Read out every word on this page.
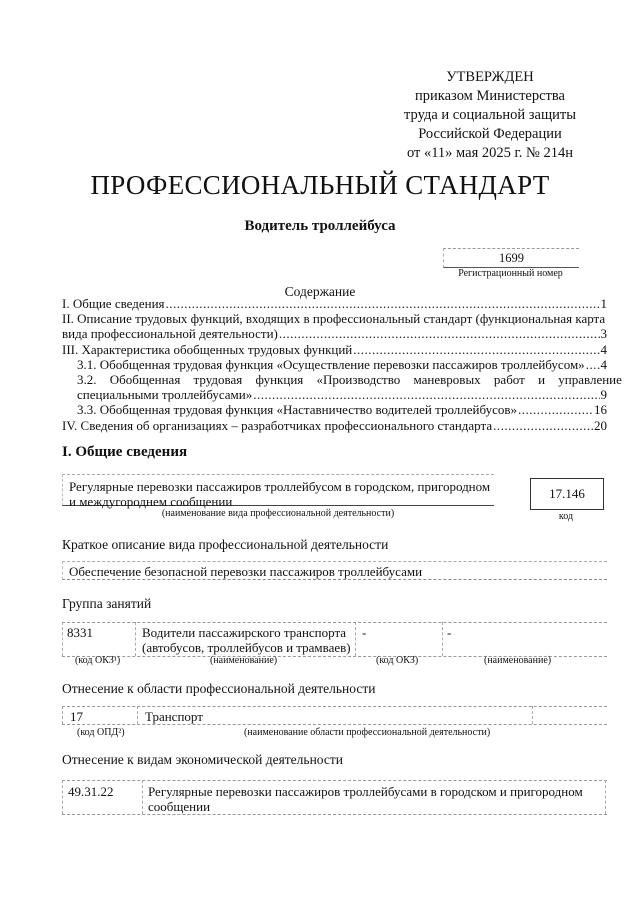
УТВЕРЖДЕН
приказом Министерства
труда и социальной защиты
Российской Федерации
от «11» мая 2025 г. № 214н
ПРОФЕССИОНАЛЬНЫЙ СТАНДАРТ
Водитель троллейбуса
1699
Регистрационный номер
Содержание
I. Общие сведения .....	1
II. Описание трудовых функций, входящих в профессиональный стандарт (функциональная карта
вида профессиональной деятельности) .....	3
III. Характеристика обобщенных трудовых функций .....	4
3.1. Обобщенная трудовая функция «Осуществление перевозки пассажиров троллейбусом» ..... 4
3.2. Обобщенная трудовая функция «Производство маневровых работ и управление
специальными троллейбусами» .....	9
3.3. Обобщенная трудовая функция «Наставничество водителей троллейбусов» .....	16
IV. Сведения об организациях – разработчиках профессионального стандарта .....	20
I. Общие сведения
Регулярные перевозки пассажиров троллейбусом в городском, пригородном
и междугороднем сообщении
(наименование вида профессиональной деятельности)
17.146
код
Краткое описание вида профессиональной деятельности
Обеспечение безопасной перевозки пассажиров троллейбусами
Группа занятий
8331	Водители пассажирского транспорта
(автобусов, троллейбусов и трамваев)
-	-
(код ОКЗ¹)	(наименование)	(код ОКЗ)	(наименование)
Отнесение к области профессиональной деятельности
17	Транспорт
(код ОПД²)	(наименование области профессиональной деятельности)
Отнесение к видам экономической деятельности
49.31.22	Регулярные перевозки пассажиров троллейбусами в городском и пригородном
сообщении
